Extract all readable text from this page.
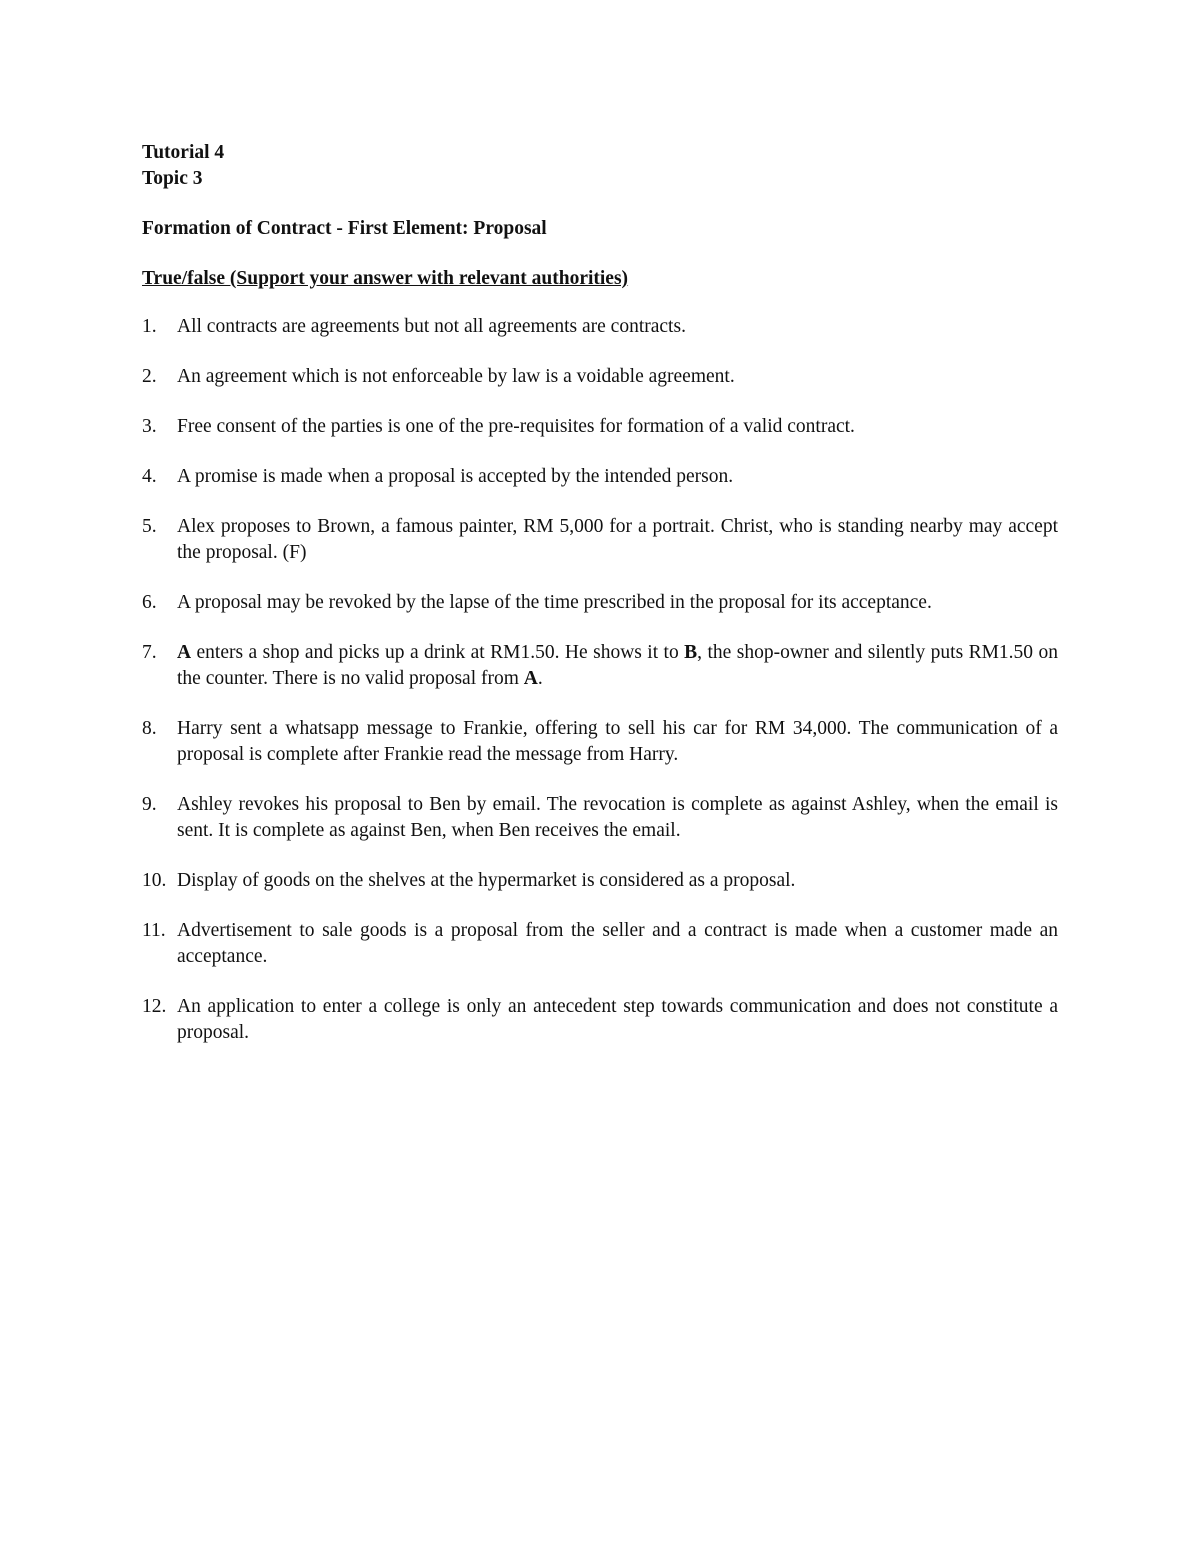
Tutorial 4

Topic 3

Formation of Contract - First Element: Proposal

True/false (Support your answer with relevant authorities)

1.	All contracts are agreements but not all agreements are contracts.
2.	An agreement which is not enforceable by law is a voidable agreement.
3.	Free consent of the parties is one of the pre-requisites for formation of a valid contract.
4.	A promise is made when a proposal is accepted by the intended person.
5.	Alex proposes to Brown, a famous painter, RM 5,000 for a portrait. Christ, who is standing nearby may accept the proposal. (F)
6.	A proposal may be revoked by the lapse of the time prescribed in the proposal for its acceptance.
7.	A enters a shop and picks up a drink at RM1.50. He shows it to B, the shop-owner and silently puts RM1.50 on the counter. There is no valid proposal from A.
8.	Harry sent a whatsapp message to Frankie, offering to sell his car for RM 34,000. The communication of a proposal is complete after Frankie read the message from Harry.
9.	Ashley revokes his proposal to Ben by email. The revocation is complete as against Ashley, when the email is sent. It is complete as against Ben, when Ben receives the email.
10. Display of goods on the shelves at the hypermarket is considered as a proposal.
11. Advertisement to sale goods is a proposal from the seller and a contract is made when a customer made an acceptance.
12. An application to enter a college is only an antecedent step towards communication and does not constitute a proposal.
